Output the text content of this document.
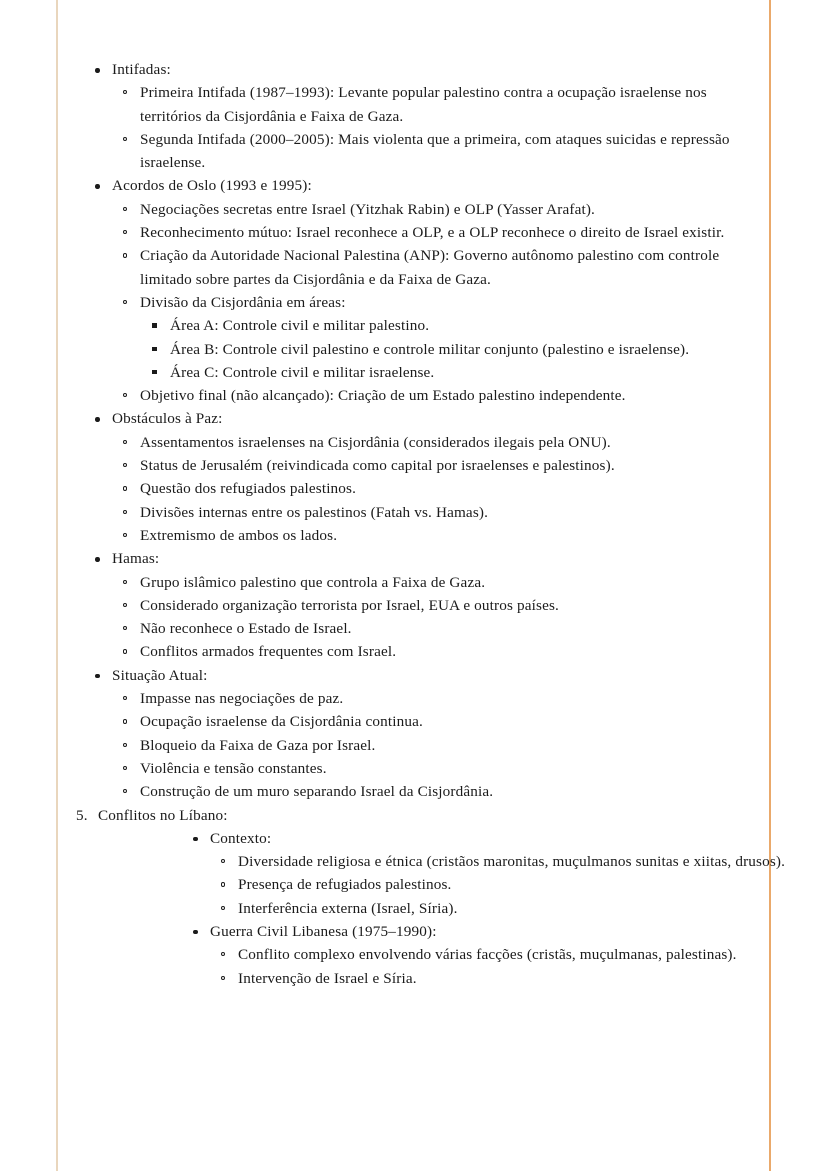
Intifadas:
Primeira Intifada (1987–1993): Levante popular palestino contra a ocupação israelense nos territórios da Cisjordânia e Faixa de Gaza.
Segunda Intifada (2000–2005): Mais violenta que a primeira, com ataques suicidas e repressão israelense.
Acordos de Oslo (1993 e 1995):
Negociações secretas entre Israel (Yitzhak Rabin) e OLP (Yasser Arafat).
Reconhecimento mútuo: Israel reconhece a OLP, e a OLP reconhece o direito de Israel existir.
Criação da Autoridade Nacional Palestina (ANP): Governo autônomo palestino com controle limitado sobre partes da Cisjordânia e da Faixa de Gaza.
Divisão da Cisjordânia em áreas:
Área A: Controle civil e militar palestino.
Área B: Controle civil palestino e controle militar conjunto (palestino e israelense).
Área C: Controle civil e militar israelense.
Objetivo final (não alcançado): Criação de um Estado palestino independente.
Obstáculos à Paz:
Assentamentos israelenses na Cisjordânia (considerados ilegais pela ONU).
Status de Jerusalém (reivindicada como capital por israelenses e palestinos).
Questão dos refugiados palestinos.
Divisões internas entre os palestinos (Fatah vs. Hamas).
Extremismo de ambos os lados.
Hamas:
Grupo islâmico palestino que controla a Faixa de Gaza.
Considerado organização terrorista por Israel, EUA e outros países.
Não reconhece o Estado de Israel.
Conflitos armados frequentes com Israel.
Situação Atual:
Impasse nas negociações de paz.
Ocupação israelense da Cisjordânia continua.
Bloqueio da Faixa de Gaza por Israel.
Violência e tensão constantes.
Construção de um muro separando Israel da Cisjordânia.
5. Conflitos no Líbano:
Contexto:
Diversidade religiosa e étnica (cristãos maronitas, muçulmanos sunitas e xiitas, drusos).
Presença de refugiados palestinos.
Interferência externa (Israel, Síria).
Guerra Civil Libanesa (1975–1990):
Conflito complexo envolvendo várias facções (cristãs, muçulmanas, palestinas).
Intervenção de Israel e Síria.
